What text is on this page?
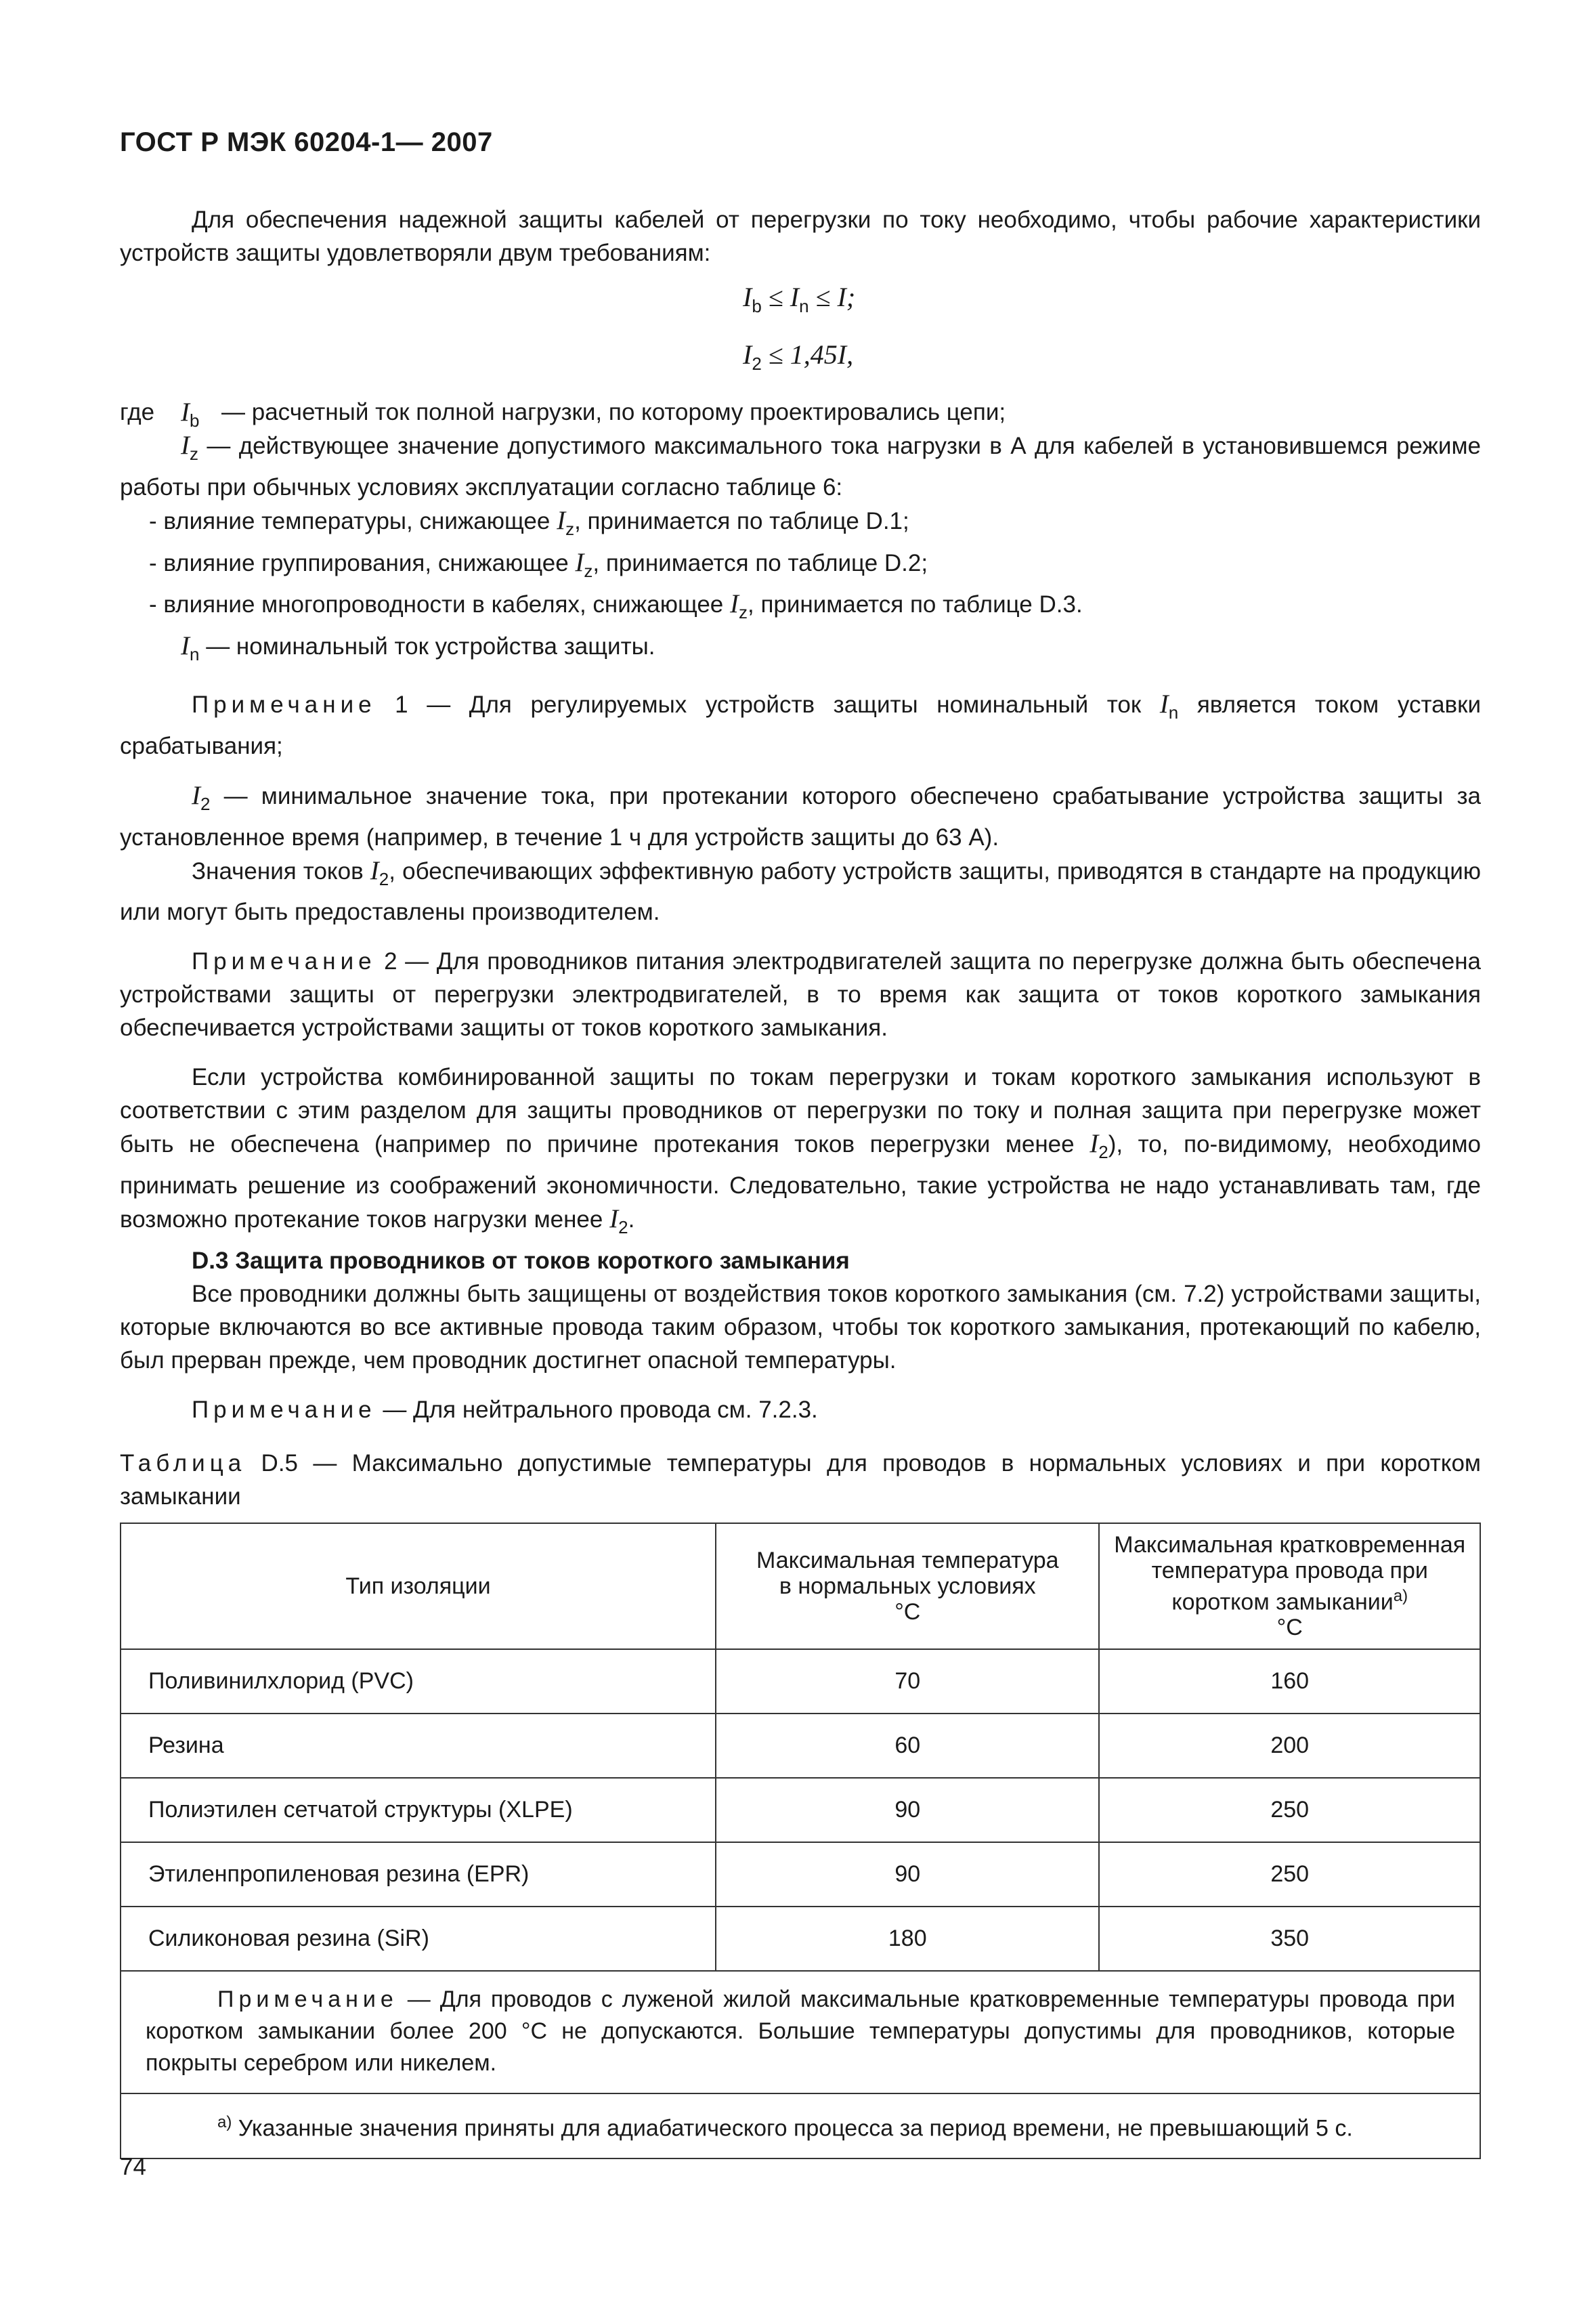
ГОСТ Р МЭК 60204-1— 2007

Для обеспечения надежной защиты кабелей от перегрузки по току необходимо, чтобы рабочие характеристики устройств защиты удовлетворяли двум требованиям:

$I_b \le I_n \le I$;
$I_2 \le 1,45I$,

где $I_b$ — расчетный ток полной нагрузки, по которому проектировались цепи;

$I_z$ — действующее значение допустимого максимального тока нагрузки в А для кабелей в установившемся режиме работы при обычных условиях эксплуатации согласно таблице 6:

- влияние температуры, снижающее $I_z$, принимается по таблице D.1;

- влияние группирования, снижающее $I_z$, принимается по таблице D.2;

- влияние многопроводности в кабелях, снижающее $I_z$, принимается по таблице D.3.

$I_n$ — номинальный ток устройства защиты.

Примечание 1 — Для регулируемых устройств защиты номинальный ток $I_n$ является током уставки срабатывания;

$I_2$ — минимальное значение тока, при протекании которого обеспечено срабатывание устройства защиты за установленное время (например, в течение 1 ч для устройств защиты до 63 А).

Значения токов $I_2$, обеспечивающих эффективную работу устройств защиты, приводятся в стандарте на продукцию или могут быть предоставлены производителем.

Примечание 2 — Для проводников питания электродвигателей защита по перегрузке должна быть обеспечена устройствами защиты от перегрузки электродвигателей, в то время как защита от токов короткого замыкания обеспечивается устройствами защиты от токов короткого замыкания.

Если устройства комбинированной защиты по токам перегрузки и токам короткого замыкания используют в соответствии с этим разделом для защиты проводников от перегрузки по току и полная защита при перегрузке может быть не обеспечена (например по причине протекания токов перегрузки менее $I_2$), то, по-видимому, необходимо принимать решение из соображений экономичности. Следовательно, такие устройства не надо устанавливать там, где возможно протекание токов нагрузки менее $I_2$.

D.3 Защита проводников от токов короткого замыкания

Все проводники должны быть защищены от воздействия токов короткого замыкания (см. 7.2) устройствами защиты, которые включаются во все активные провода таким образом, чтобы ток короткого замыкания, протекающий по кабелю, был прерван прежде, чем проводник достигнет опасной температуры.

Примечание — Для нейтрального провода см. 7.2.3.

Таблица D.5 — Максимально допустимые температуры для проводов в нормальных условиях и при коротком замыкании

Тип изоляции	Максимальная температура
в нормальных условиях
°C	Максимальная кратковременная
температура провода при
коротком замыкании$^{а)}$
°C
Поливинилхлорид (PVC)	70	160
Резина	60	200
Полиэтилен сетчатой структуры (XLPE)	90	250
Этиленпропиленовая резина (EPR)	90	250
Силиконовая резина (SiR)	180	350

Примечание — Для проводов с луженой жилой максимальные кратковременные температуры провода при коротком замыкании более 200 °C не допускаются. Большие температуры допустимы для проводников, которые покрыты серебром или никелем.		

$^{а)}$ Указанные значения приняты для адиабатического процесса за период времени, не превышающий 5 с.		

74
